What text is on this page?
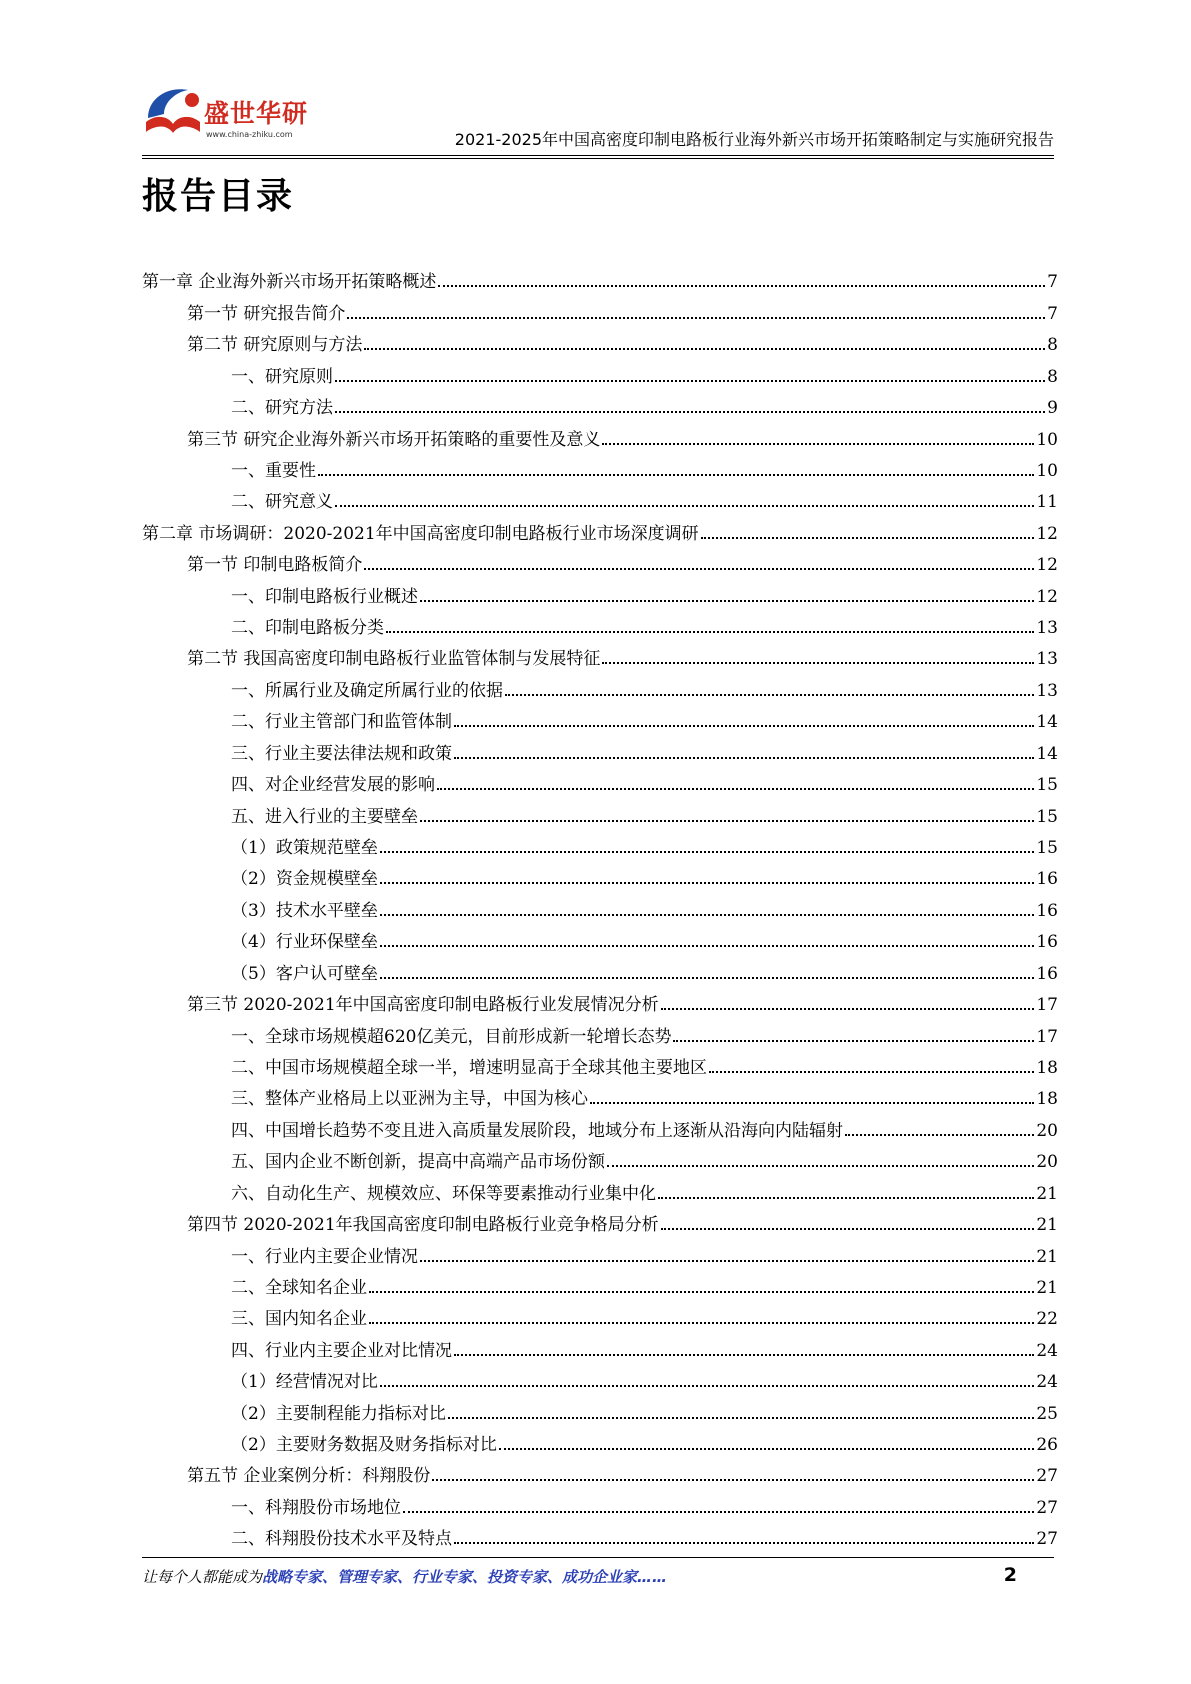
盛世华研
www.china-zhiku.com	2021-2025年中国高密度印制电路板行业海外新兴市场开拓策略制定与实施研究报告
报告目录
第一章 企业海外新兴市场开拓策略概述	7
第一节 研究报告简介	7
第二节 研究原则与方法	8
一、研究原则	8
二、研究方法	9
第三节 研究企业海外新兴市场开拓策略的重要性及意义	10
一、重要性	10
二、研究意义	11
第二章 市场调研：2020-2021年中国高密度印制电路板行业市场深度调研	12
第一节 印制电路板简介	12
一、印制电路板行业概述	12
二、印制电路板分类	13
第二节 我国高密度印制电路板行业监管体制与发展特征	13
一、所属行业及确定所属行业的依据	13
二、行业主管部门和监管体制	14
三、行业主要法律法规和政策	14
四、对企业经营发展的影响	15
五、进入行业的主要壁垒	15
（1）政策规范壁垒	15
（2）资金规模壁垒	16
（3）技术水平壁垒	16
（4）行业环保壁垒	16
（5）客户认可壁垒	16
第三节 2020-2021年中国高密度印制电路板行业发展情况分析	17
一、全球市场规模超620亿美元，目前形成新一轮增长态势	17
二、中国市场规模超全球一半，增速明显高于全球其他主要地区	18
三、整体产业格局上以亚洲为主导，中国为核心	18
四、中国增长趋势不变且进入高质量发展阶段，地域分布上逐渐从沿海向内陆辐射	20
五、国内企业不断创新，提高中高端产品市场份额	20
六、自动化生产、规模效应、环保等要素推动行业集中化	21
第四节 2020-2021年我国高密度印制电路板行业竞争格局分析	21
一、行业内主要企业情况	21
二、全球知名企业	21
三、国内知名企业	22
四、行业内主要企业对比情况	24
（1）经营情况对比	24
（2）主要制程能力指标对比	25
（2）主要财务数据及财务指标对比	26
第五节 企业案例分析：科翔股份	27
一、科翔股份市场地位	27
二、科翔股份技术水平及特点	27
让每个人都能成为战略专家、管理专家、行业专家、投资专家、成功企业家……	2
